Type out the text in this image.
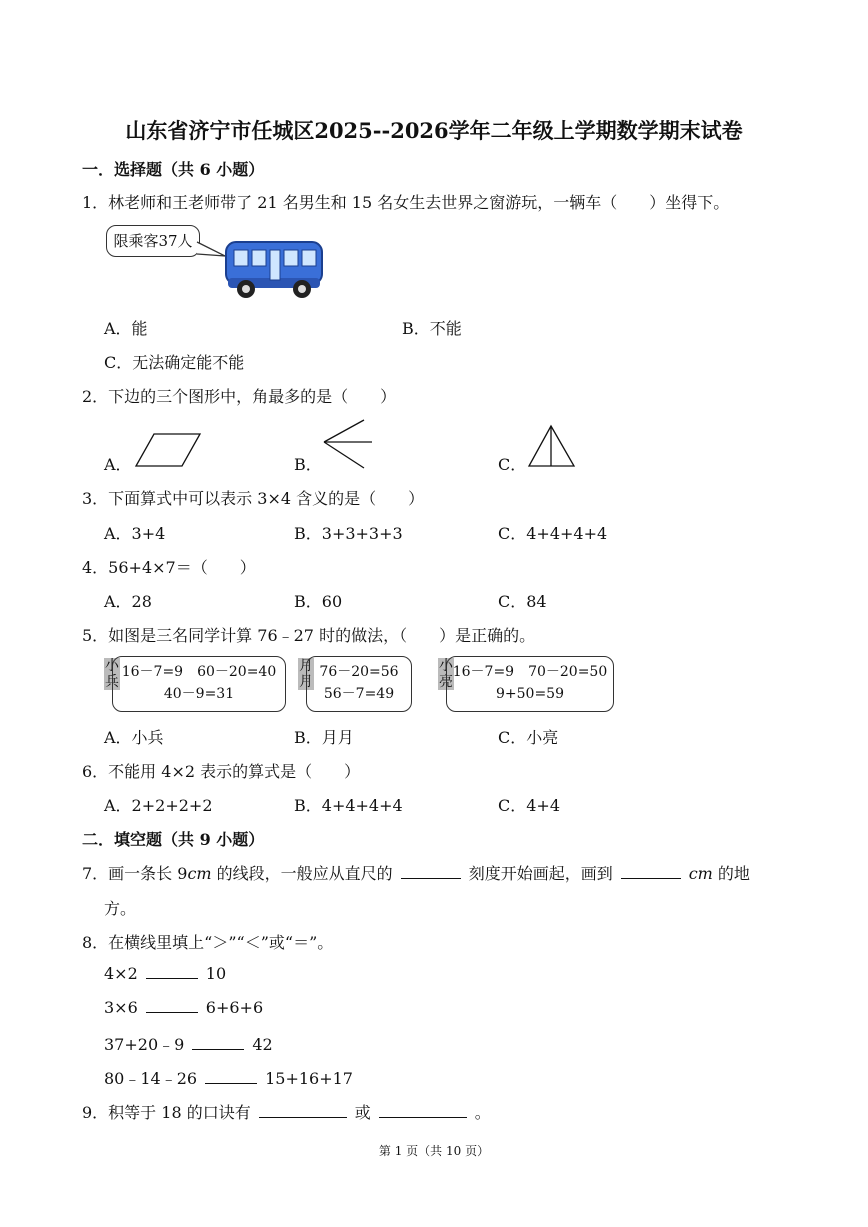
山东省济宁市任城区2025--2026学年二年级上学期数学期末试卷
一．选择题（共 6 小题）
1．林老师和王老师带了 21 名男生和 15 名女生去世界之窗游玩，一辆车（　　）坐得下。
限乘客37人
A．能	B．不能
C．无法确定能不能
2．下边的三个图形中，角最多的是（　　）
A．	B．	C．
3．下面算式中可以表示 3×4 含义的是（　　）
A．3+4	B．3+3+3+3	C．4+4+4+4
4．56+4×7＝（　　）
A．28	B．60	C．84
5．如图是三名同学计算 76﹣27 时的做法，（　　）是正确的。
小兵
16－7=9　60－20=40
40－9=31
月月
76－20=56
56－7=49
小亮
16－7=9　70－20=50
9+50=59
A．小兵	B．月月	C．小亮
6．不能用 4×2 表示的算式是（　　）
A．2+2+2+2	B．4+4+4+4	C．4+4
二．填空题（共 9 小题）
7．画一条长 9cm 的线段，一般应从直尺的	刻度开始画起，画到	cm 的地
方。
8．在横线里填上“＞”“＜”或“＝”。
4×2	10
3×6	6+6+6
37+20﹣9	42
80﹣14﹣26	15+16+17
9．积等于 18 的口诀有	或	。
第 1 页（共 10 页）
